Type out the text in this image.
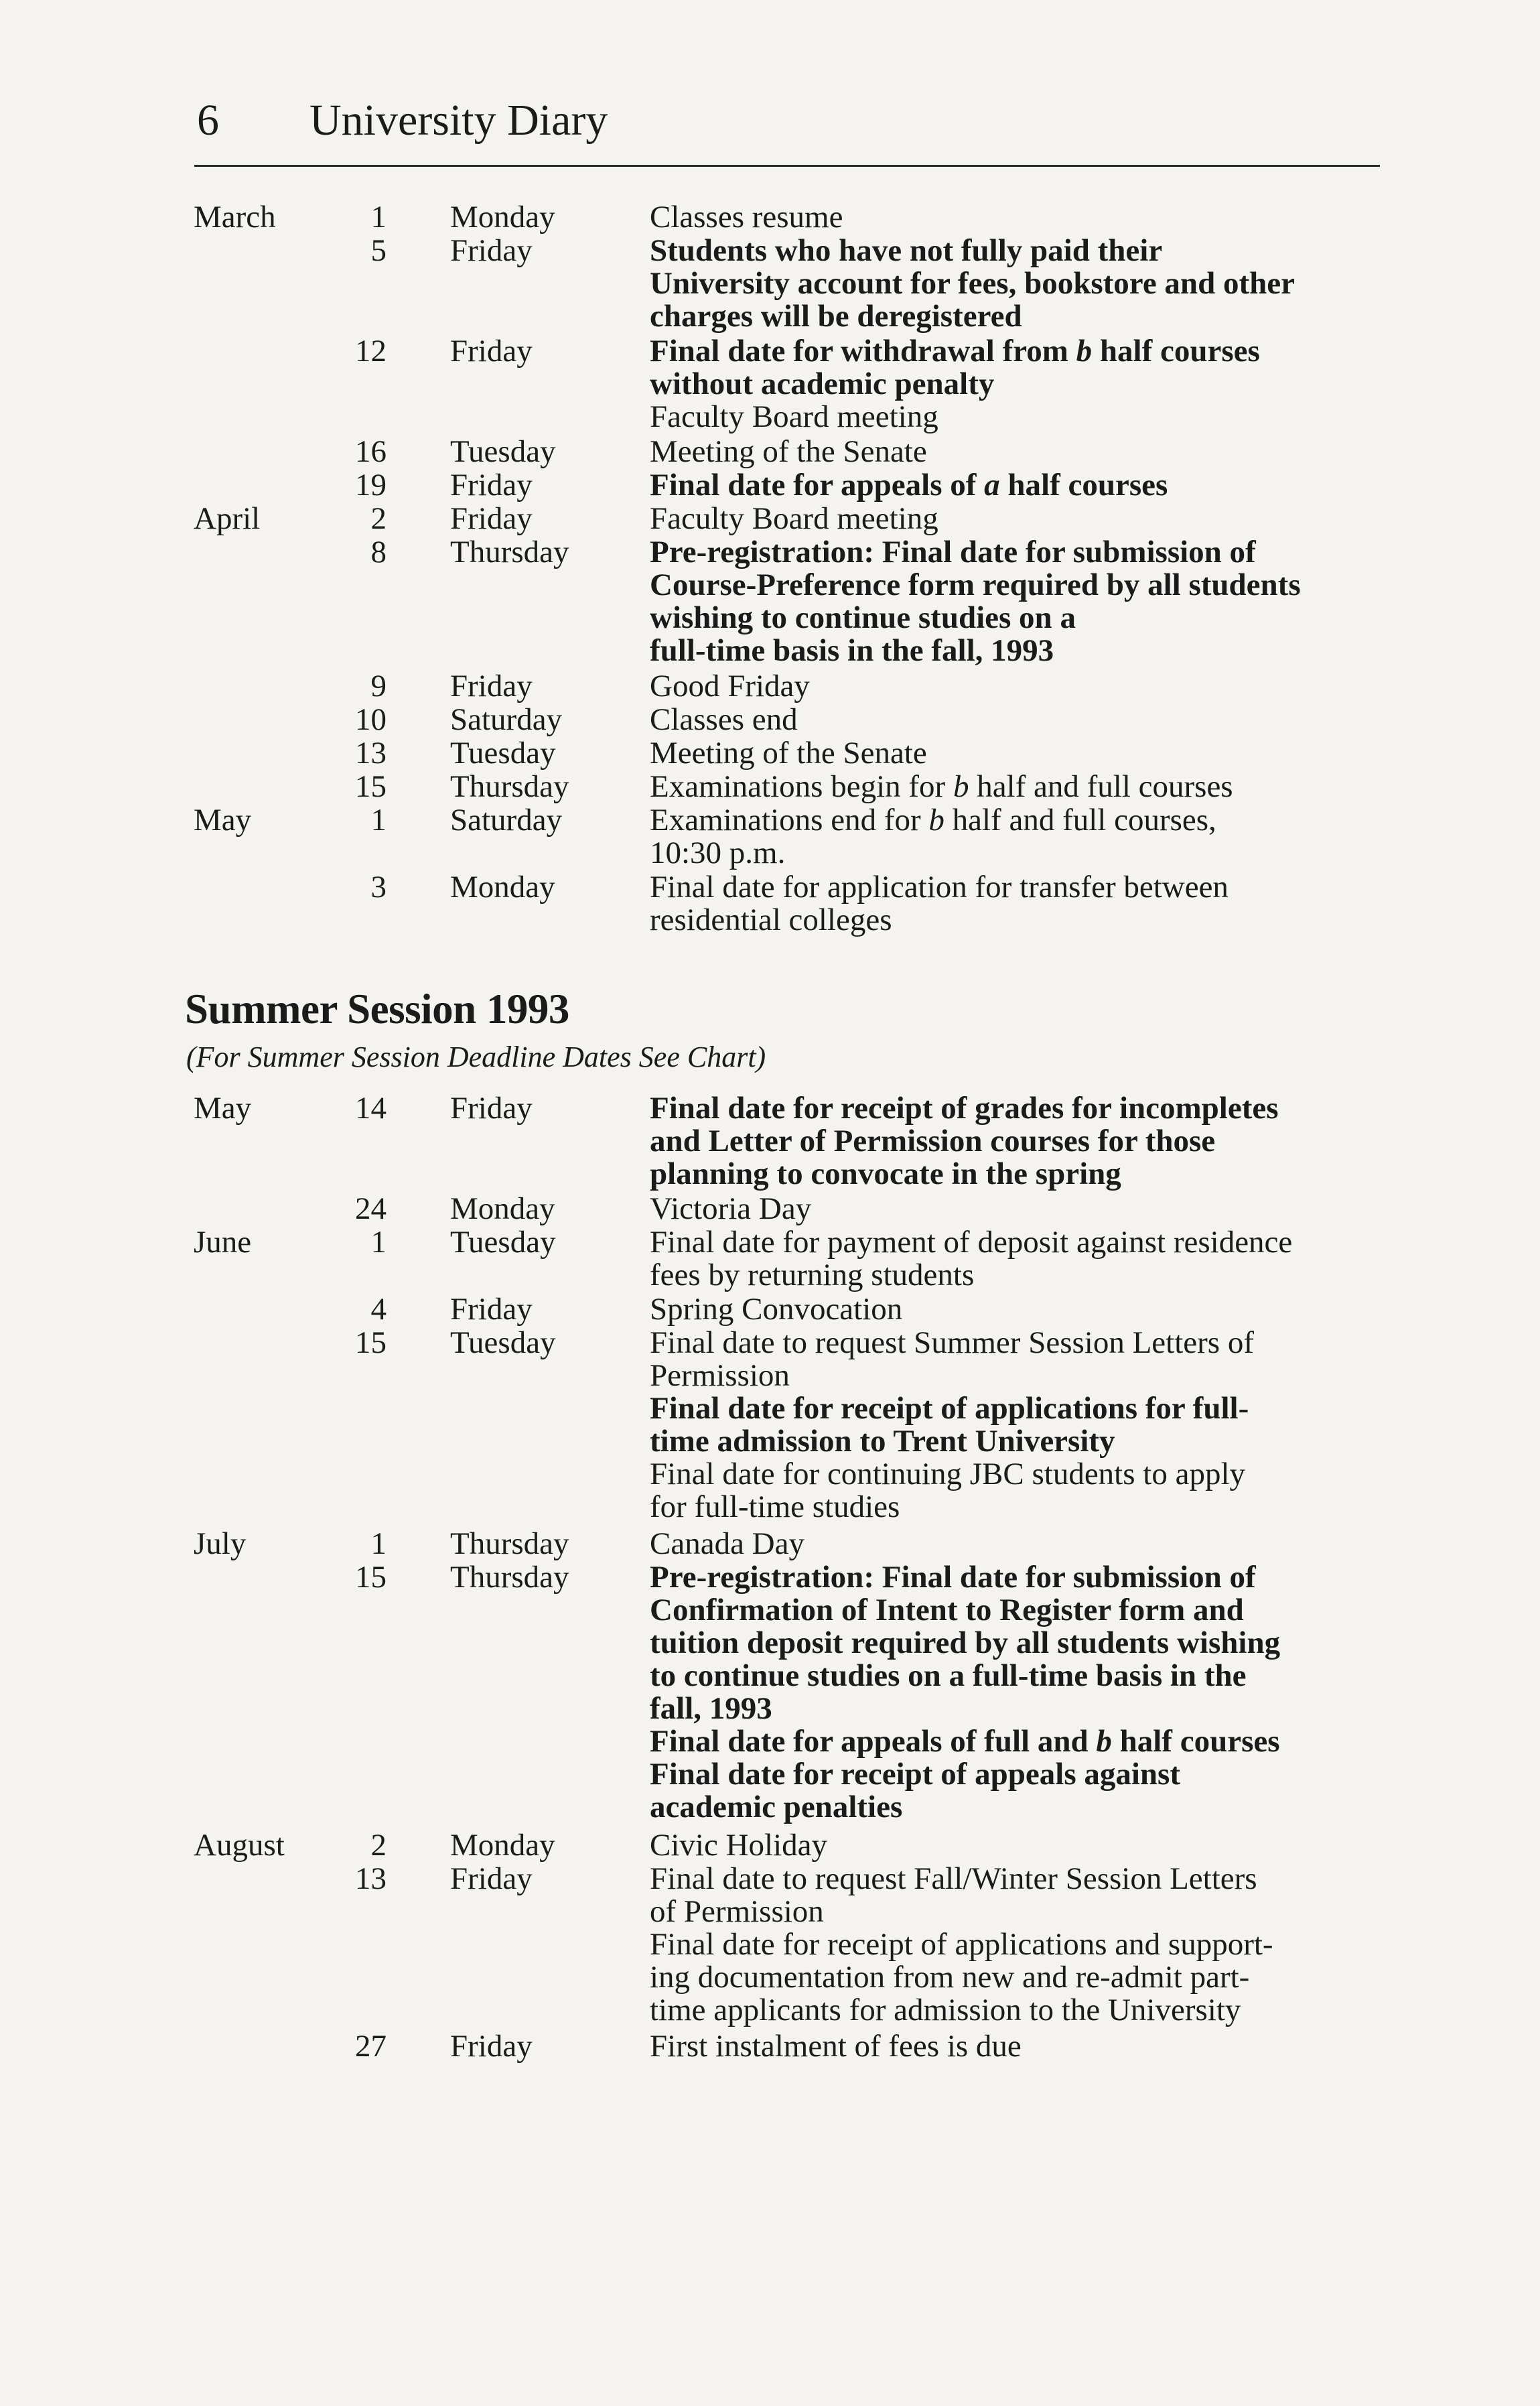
6 University Diary
Summer Session 1993
(For Summer Session Deadline Dates See Chart)
March	1 Monday	Classes resume
5 Friday	Students who have not fully paid their
University account for fees, bookstore and other
charges will be deregistered
12 Friday	Final date for withdrawal from b half courses
without academic penalty
Faculty Board meeting
16 Tuesday	Meeting of the Senate
19 Friday	Final date for appeals of a half courses
April	2 Friday	Faculty Board meeting
8 Thursday	Pre-registration: Final date for submission of
Course-Preference form required by all students
wishing to continue studies on a
full-time basis in the fall, 1993
9 Friday	Good Friday
10 Saturday	Classes end
13 Tuesday	Meeting of the Senate
15 Thursday	Examinations begin for b half and full courses
May	1 Saturday	Examinations end for b half and full courses,
10:30 p.m.
3 Monday	Final date for application for transfer between
residential colleges
May	14 Friday	Final date for receipt of grades for incompletes
and Letter of Permission courses for those
planning to convocate in the spring
24 Monday	Victoria Day
June	1 Tuesday	Final date for payment of deposit against residence
fees by returning students
4 Friday	Spring Convocation
15 Tuesday	Final date to request Summer Session Letters of
Permission
Final date for receipt of applications for full-
time admission to Trent University
Final date for continuing JBC students to apply
for full-time studies
July	1 Thursday	Canada Day
15 Thursday	Pre-registration: Final date for submission of
Confirmation of Intent to Register form and
tuition deposit required by all students wishing
to continue studies on a full-time basis in the
fall, 1993
Final date for appeals of full and b half courses
Final date for receipt of appeals against
academic penalties
August	2 Monday	Civic Holiday
13 Friday	Final date to request Fall/Winter Session Letters
of Permission
Final date for receipt of applications and support-
ing documentation from new and re-admit part-
time applicants for admission to the University
27 Friday	First instalment of fees is due
